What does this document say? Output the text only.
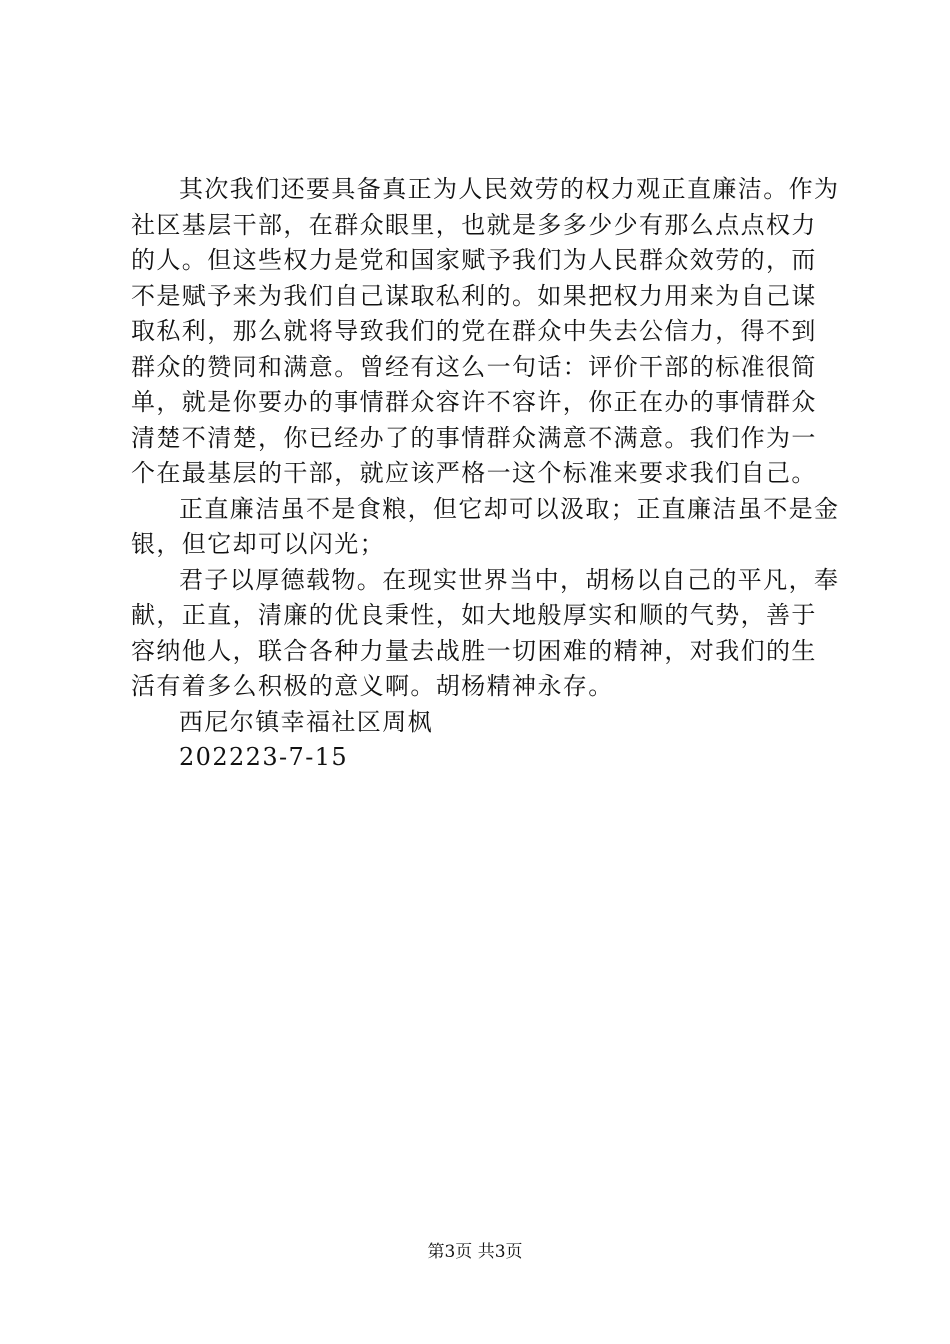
其次我们还要具备真正为人民效劳的权力观正直廉洁。作为
社区基层干部，在群众眼里，也就是多多少少有那么点点权力
的人。但这些权力是党和国家赋予我们为人民群众效劳的，而
不是赋予来为我们自己谋取私利的。如果把权力用来为自己谋
取私利，那么就将导致我们的党在群众中失去公信力，得不到
群众的赞同和满意。曾经有这么一句话：评价干部的标准很简
单，就是你要办的事情群众容许不容许，你正在办的事情群众
清楚不清楚，你已经办了的事情群众满意不满意。我们作为一
个在最基层的干部，就应该严格一这个标准来要求我们自己。
正直廉洁虽不是食粮，但它却可以汲取；正直廉洁虽不是金
银，但它却可以闪光；
君子以厚德载物。在现实世界当中，胡杨以自己的平凡，奉
献，正直，清廉的优良秉性，如大地般厚实和顺的气势，善于
容纳他人，联合各种力量去战胜一切困难的精神，对我们的生
活有着多么积极的意义啊。胡杨精神永存。
西尼尔镇幸福社区周枫
202223-7-15
第3页 共3页
